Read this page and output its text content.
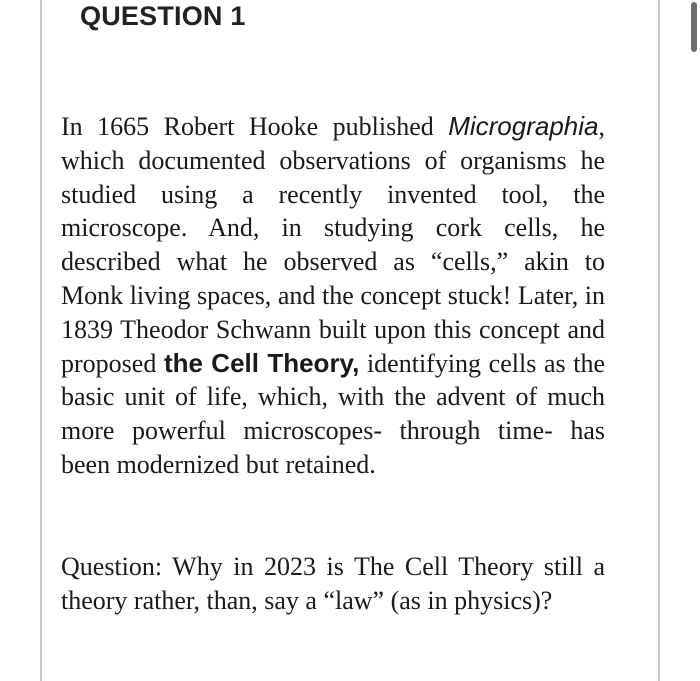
QUESTION 1

In 1665 Robert Hooke published Micrographia, which documented observations of organisms he studied using a recently invented tool, the microscope. And, in studying cork cells, he described what he observed as “cells,” akin to Monk living spaces, and the concept stuck! Later, in 1839 Theodor Schwann built upon this concept and proposed the Cell Theory, identifying cells as the basic unit of life, which, with the advent of much more powerful microscopes- through time- has been modernized but retained.

Question: Why in 2023 is The Cell Theory still a theory rather, than, say a “law” (as in physics)?
